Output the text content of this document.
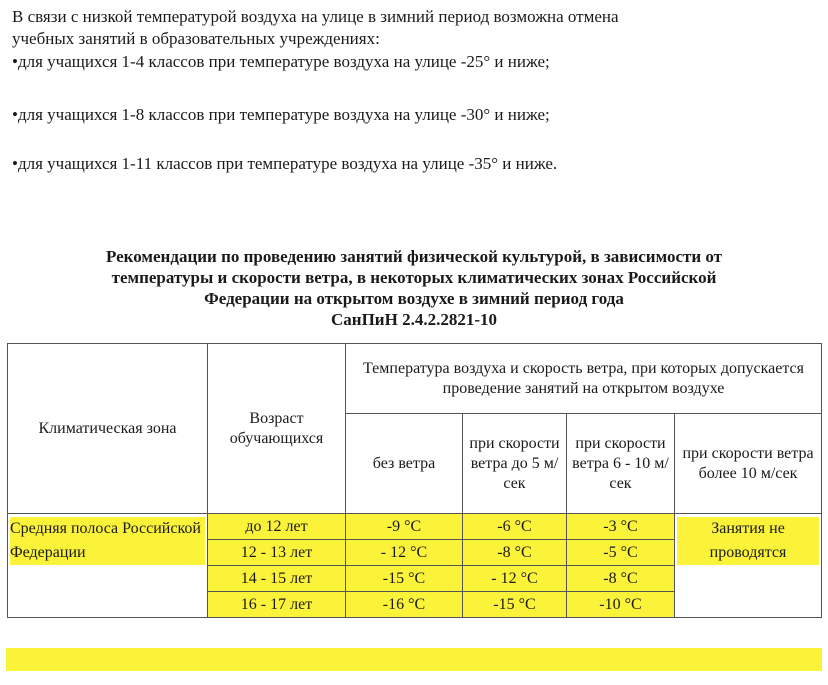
В связи с низкой температурой воздуха на улице в зимний период возможна отмена

учебных занятий в образовательных учреждениях:

•для учащихся 1-4 классов при температуре воздуха на улице -25° и ниже;
•для учащихся 1-8 классов при температуре воздуха на улице -30° и ниже;
•для учащихся 1-11 классов при температуре воздуха на улице -35° и ниже.
Рекомендации по проведению занятий физической культурой, в зависимости от
температуры и скорости ветра, в некоторых климатических зонах Российской
Федерации на открытом воздухе в зимний период года
СанПиН 2.4.2.2821-10
Климатическая зона	Возраст обучающихся	Температура воздуха и скорость ветра, при которых допускается проведение занятий на открытом воздухе			
		без ветра	при скорости ветра до 5 м/сек	при скорости ветра 6 - 10 м/сек	при скорости ветра более 10 м/сек

Средняя полоса Российской Федерации	до 12 лет	-9 °С	-6 °С	-3 °С	Занятия не проводятся

	12 - 13 лет	- 12 °С	-8 °С	-5 °С	
	14 - 15 лет	-15 °С	- 12 °С	-8 °С	
	16 - 17 лет	-16 °С	-15 °С	-10 °С	
